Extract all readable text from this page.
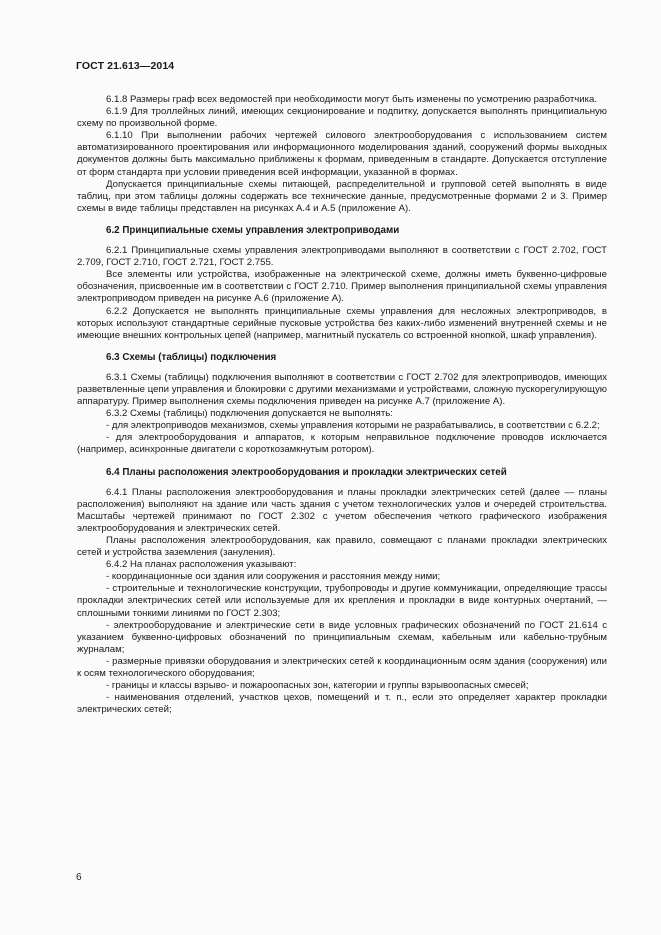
ГОСТ 21.613—2014

6.1.8 Размеры граф всех ведомостей при необходимости могут быть изменены по усмотрению разработчика.

6.1.9 Для троллейных линий, имеющих секционирование и подпитку, допускается выполнять принципиальную схему по произвольной форме.

6.1.10 При выполнении рабочих чертежей силового электрооборудования с использованием систем автоматизированного проектирования или информационного моделирования зданий, сооружений формы выходных документов должны быть максимально приближены к формам, приведенным в стандарте. Допускается отступление от форм стандарта при условии приведения всей информации, указанной в формах.

Допускается принципиальные схемы питающей, распределительной и групповой сетей выполнять в виде таблиц, при этом таблицы должны содержать все технические данные, предусмотренные формами 2 и 3. Пример схемы в виде таблицы представлен на рисунках А.4 и А.5 (приложение А).

6.2 Принципиальные схемы управления электроприводами

6.2.1 Принципиальные схемы управления электроприводами выполняют в соответствии с ГОСТ 2.702, ГОСТ 2.709, ГОСТ 2.710, ГОСТ 2.721, ГОСТ 2.755.

Все элементы или устройства, изображенные на электрической схеме, должны иметь буквенно-цифровые обозначения, присвоенные им в соответствии с ГОСТ 2.710. Пример выполнения принципиальной схемы управления электроприводом приведен на рисунке А.6 (приложение А).

6.2.2 Допускается не выполнять принципиальные схемы управления для несложных электроприводов, в которых используют стандартные серийные пусковые устройства без каких-либо изменений внутренней схемы и не имеющие внешних контрольных цепей (например, магнитный пускатель со встроенной кнопкой, шкаф управления).

6.3 Схемы (таблицы) подключения

6.3.1 Схемы (таблицы) подключения выполняют в соответствии с ГОСТ 2.702 для электроприводов, имеющих разветвленные цепи управления и блокировки с другими механизмами и устройствами, сложную пускорегулирующую аппаратуру. Пример выполнения схемы подключения приведен на рисунке А.7 (приложение А).

6.3.2 Схемы (таблицы) подключения допускается не выполнять:

- для электроприводов механизмов, схемы управления которыми не разрабатывались, в соответствии с 6.2.2;

- для электрооборудования и аппаратов, к которым неправильное подключение проводов исключается (например, асинхронные двигатели с короткозамкнутым ротором).

6.4 Планы расположения электрооборудования и прокладки электрических сетей

6.4.1 Планы расположения электрооборудования и планы прокладки электрических сетей (далее — планы расположения) выполняют на здание или часть здания с учетом технологических узлов и очередей строительства. Масштабы чертежей принимают по ГОСТ 2.302 с учетом обеспечения четкого графического изображения электрооборудования и электрических сетей.

Планы расположения электрооборудования, как правило, совмещают с планами прокладки электрических сетей и устройства заземления (зануления).

6.4.2 На планах расположения указывают:

- координационные оси здания или сооружения и расстояния между ними;

- строительные и технологические конструкции, трубопроводы и другие коммуникации, определяющие трассы прокладки электрических сетей или используемые для их крепления и прокладки в виде контурных очертаний, — сплошными тонкими линиями по ГОСТ 2.303;

- электрооборудование и электрические сети в виде условных графических обозначений по ГОСТ 21.614 с указанием буквенно-цифровых обозначений по принципиальным схемам, кабельным или кабельно-трубным журналам;

- размерные привязки оборудования и электрических сетей к координационным осям здания (сооружения) или к осям технологического оборудования;

- границы и классы взрыво- и пожароопасных зон, категории и группы взрывоопасных смесей;

- наименования отделений, участков цехов, помещений и т. п., если это определяет характер прокладки электрических сетей;

6
